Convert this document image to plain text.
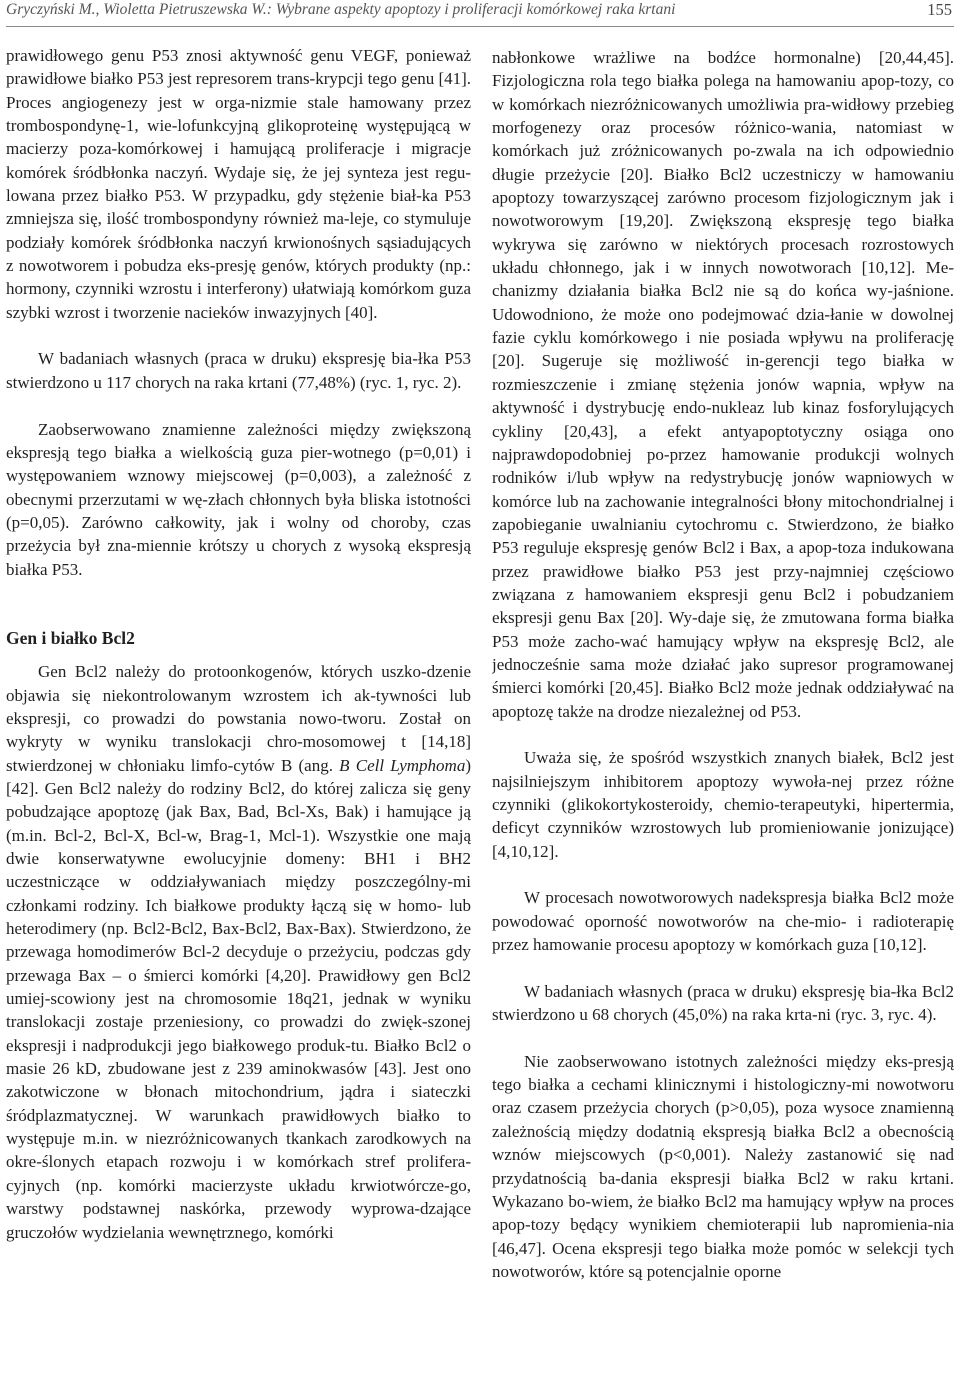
Gryczyński M., Wioletta Pietruszewska W.: Wybrane aspekty apoptozy i proliferacji komórkowej raka krtani	155

prawidłowego genu P53 znosi aktywność genu VEGF, ponieważ prawidłowe białko P53 jest represorem trans-krypcji tego genu [41]. Proces angiogenezy jest w orga-nizmie stale hamowany przez trombospondynę-1, wie-lofunkcyjną glikoproteinę występującą w macierzy poza-komórkowej i hamującą proliferacje i migracje komórek śródbłonka naczyń. Wydaje się, że jej synteza jest regu-lowana przez białko P53. W przypadku, gdy stężenie biał-ka P53 zmniejsza się, ilość trombospondyny również ma-leje, co stymuluje podziały komórek śródbłonka naczyń krwionośnych sąsiadujących z nowotworem i pobudza eks-presję genów, których produkty (np.: hormony, czynniki wzrostu i interferony) ułatwiają komórkom guza szybki wzrost i tworzenie nacieków inwazyjnych [40].

W badaniach własnych (praca w druku) ekspresję bia-łka P53 stwierdzono u 117 chorych na raka krtani (77,48%) (ryc. 1, ryc. 2).

Zaobserwowano znamienne zależności między zwiększoną ekspresją tego białka a wielkością guza pier-wotnego (p=0,01) i występowaniem wznowy miejscowej (p=0,003), a zależność z obecnymi przerzutami w wę-złach chłonnych była bliska istotności (p=0,05). Zarówno całkowity, jak i wolny od choroby, czas przeżycia był zna-miennie krótszy u chorych z wysoką ekspresją białka P53.

Gen i białko Bcl2

Gen Bcl2 należy do protoonkogenów, których uszko-dzenie objawia się niekontrolowanym wzrostem ich ak-tywności lub ekspresji, co prowadzi do powstania nowo-tworu. Został on wykryty w wyniku translokacji chro-mosomowej t [14,18] stwierdzonej w chłoniaku limfo-cytów B (ang. B Cell Lymphoma) [42]. Gen Bcl2 należy do rodziny Bcl2, do której zalicza się geny pobudzające apoptozę (jak Bax, Bad, Bcl-Xs, Bak) i hamujące ją (m.in. Bcl-2, Bcl-X, Bcl-w, Brag-1, Mcl-1). Wszystkie one mają dwie konserwatywne ewolucyjnie domeny: BH1 i BH2 uczestniczące w oddziaływaniach między poszczególny-mi członkami rodziny. Ich białkowe produkty łączą się w homo- lub heterodimery (np. Bcl2-Bcl2, Bax-Bcl2, Bax-Bax). Stwierdzono, że przewaga homodimerów Bcl-2 decyduje o przeżyciu, podczas gdy przewaga Bax – o śmierci komórki [4,20]. Prawidłowy gen Bcl2 umiej-scowiony jest na chromosomie 18q21, jednak w wyniku translokacji zostaje przeniesiony, co prowadzi do zwięk-szonej ekspresji i nadprodukcji jego białkowego produk-tu. Białko Bcl2 o masie 26 kD, zbudowane jest z 239 aminokwasów [43]. Jest ono zakotwiczone w błonach mitochondrium, jądra i siateczki śródplazmatycznej. W warunkach prawidłowych białko to występuje m.in. w niezróżnicowanych tkankach zarodkowych na okre-ślonych etapach rozwoju i w komórkach stref prolifera-cyjnych (np. komórki macierzyste układu krwiotwórcze-go, warstwy podstawnej naskórka, przewody wyprowa-dzające gruczołów wydzielania wewnętrznego, komórki

nabłonkowe wrażliwe na bodźce hormonalne) [20,44,45]. Fizjologiczna rola tego białka polega na hamowaniu apop-tozy, co w komórkach niezróżnicowanych umożliwia pra-widłowy przebieg morfogenezy oraz procesów różnico-wania, natomiast w komórkach już zróżnicowanych po-zwala na ich odpowiednio długie przeżycie [20]. Białko Bcl2 uczestniczy w hamowaniu apoptozy towarzyszącej zarówno procesom fizjologicznym jak i nowotworowym [19,20]. Zwiększoną ekspresję tego białka wykrywa się zarówno w niektórych procesach rozrostowych układu chłonnego, jak i w innych nowotworach [10,12]. Me-chanizmy działania białka Bcl2 nie są do końca wy-jaśnione. Udowodniono, że może ono podejmować dzia-łanie w dowolnej fazie cyklu komórkowego i nie posiada wpływu na proliferację [20]. Sugeruje się możliwość in-gerencji tego białka w rozmieszczenie i zmianę stężenia jonów wapnia, wpływ na aktywność i dystrybucję endo-nukleaz lub kinaz fosforylujących cykliny [20,43], a efekt antyapoptotyczny osiąga ono najprawdopodobniej po-przez hamowanie produkcji wolnych rodników i/lub wpływ na redystrybucję jonów wapniowych w komórce lub na zachowanie integralności błony mitochondrialnej i zapobieganie uwalnianiu cytochromu c. Stwierdzono, że białko P53 reguluje ekspresję genów Bcl2 i Bax, a apop-toza indukowana przez prawidłowe białko P53 jest przy-najmniej częściowo związana z hamowaniem ekspresji genu Bcl2 i pobudzaniem ekspresji genu Bax [20]. Wy-daje się, że zmutowana forma białka P53 może zacho-wać hamujący wpływ na ekspresję Bcl2, ale jednocześnie sama może działać jako supresor programowanej śmierci komórki [20,45]. Białko Bcl2 może jednak oddziaływać na apoptozę także na drodze niezależnej od P53.

Uważa się, że spośród wszystkich znanych białek, Bcl2 jest najsilniejszym inhibitorem apoptozy wywoła-nej przez różne czynniki (glikokortykosteroidy, chemio-terapeutyki, hipertermia, deficyt czynników wzrostowych lub promieniowanie jonizujące) [4,10,12].

W procesach nowotworowych nadekspresja białka Bcl2 może powodować oporność nowotworów na che-mio- i radioterapię przez hamowanie procesu apoptozy w komórkach guza [10,12].

W badaniach własnych (praca w druku) ekspresję bia-łka Bcl2 stwierdzono u 68 chorych (45,0%) na raka krta-ni (ryc. 3, ryc. 4).

Nie zaobserwowano istotnych zależności między eks-presją tego białka a cechami klinicznymi i histologiczny-mi nowotworu oraz czasem przeżycia chorych (p>0,05), poza wysoce znamienną zależnością między dodatnią ekspresją białka Bcl2 a obecnością wznów miejscowych (p<0,001). Należy zastanowić się nad przydatnością ba-dania ekspresji białka Bcl2 w raku krtani. Wykazano bo-wiem, że białko Bcl2 ma hamujący wpływ na proces apop-tozy będący wynikiem chemioterapii lub napromienia-nia [46,47]. Ocena ekspresji tego białka może pomóc w selekcji tych nowotworów, które są potencjalnie oporne
